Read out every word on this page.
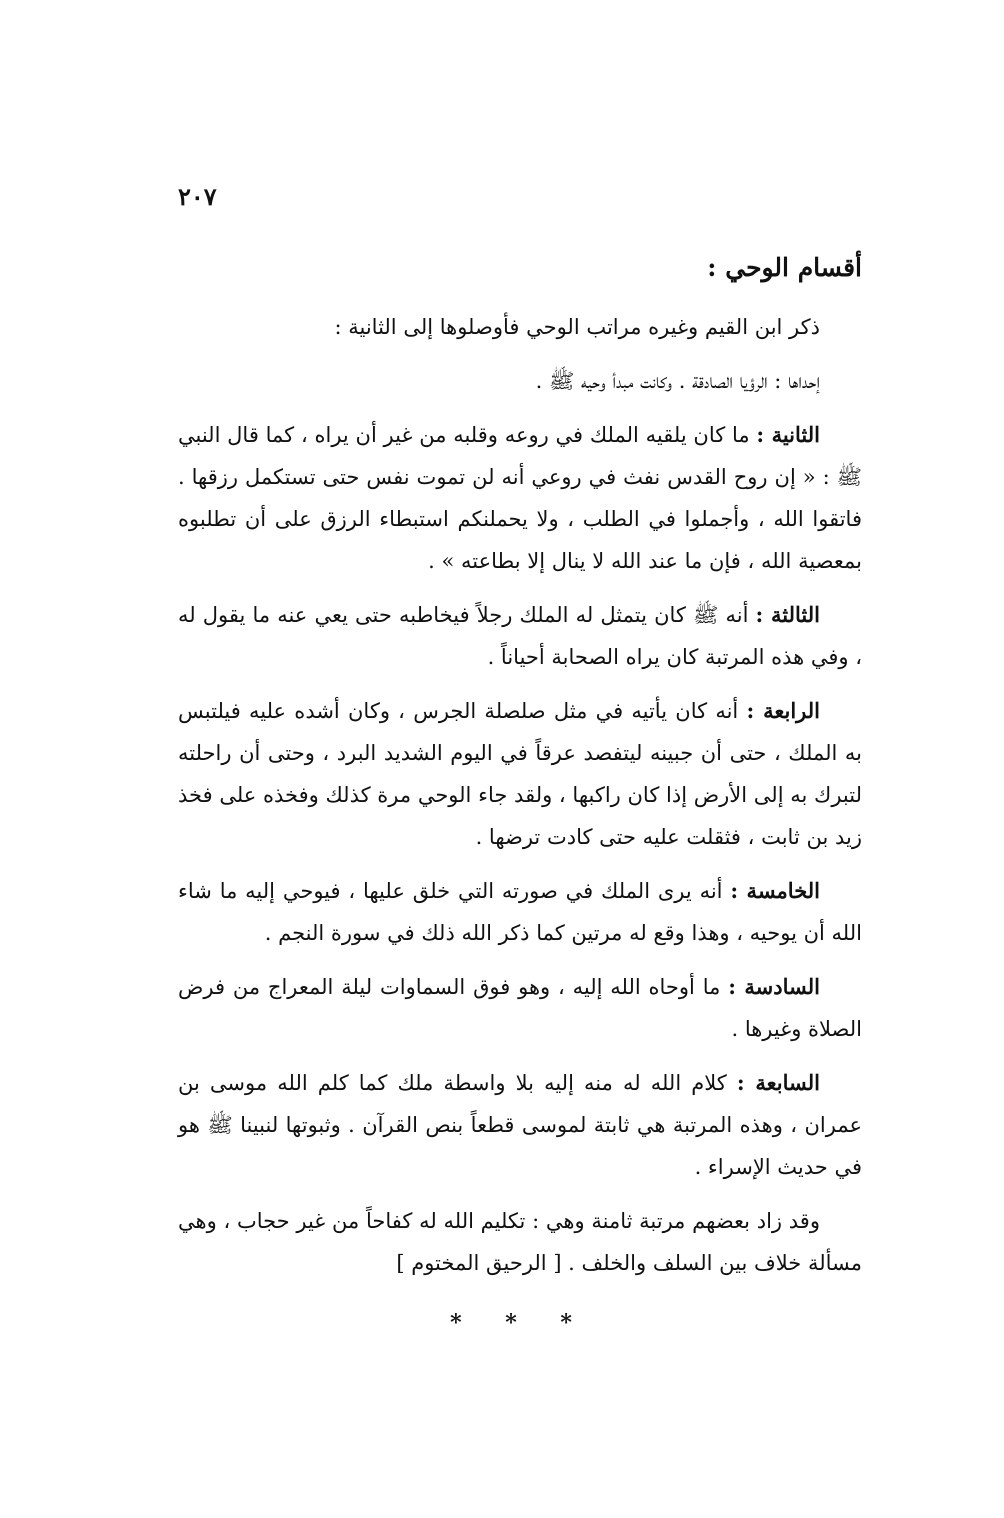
٢٠٧
أقسام الوحي :

ذكر ابن القيم وغيره مراتب الوحي فأوصلوها إلى الثانية :

إحداها : الرؤيا الصادقة . وكانت مبدأ وحيه ﷺ .

الثانية : ما كان يلقيه الملك في روعه وقلبه من غير أن يراه ، كما قال النبي ﷺ : « إن روح القدس نفث في روعي أنه لن تموت نفس حتى تستكمل رزقها . فاتقوا الله ، وأجملوا في الطلب ، ولا يحملنكم استبطاء الرزق على أن تطلبوه بمعصية الله ، فإن ما عند الله لا ينال إلا بطاعته » .

الثالثة : أنه ﷺ كان يتمثل له الملك رجلاً فيخاطبه حتى يعي عنه ما يقول له ، وفي هذه المرتبة كان يراه الصحابة أحياناً .

الرابعة : أنه كان يأتيه في مثل صلصلة الجرس ، وكان أشده عليه فيلتبس به الملك ، حتى أن جبينه ليتفصد عرقاً في اليوم الشديد البرد ، وحتى أن راحلته لتبرك به إلى الأرض إذا كان راكبها ، ولقد جاء الوحي مرة كذلك وفخذه على فخذ زيد بن ثابت ، فثقلت عليه حتى كادت ترضها .

الخامسة : أنه يرى الملك في صورته التي خلق عليها ، فيوحي إليه ما شاء الله أن يوحيه ، وهذا وقع له مرتين كما ذكر الله ذلك في سورة النجم .

السادسة : ما أوحاه الله إليه ، وهو فوق السماوات ليلة المعراج من فرض الصلاة وغيرها .

السابعة : كلام الله له منه إليه بلا واسطة ملك كما كلم الله موسى بن عمران ، وهذه المرتبة هي ثابتة لموسى قطعاً بنص القرآن . وثبوتها لنبينا ﷺ هو في حديث الإسراء .

وقد زاد بعضهم مرتبة ثامنة وهي : تكليم الله له كفاحاً من غير حجاب ، وهي مسألة خلاف بين السلف والخلف . [ الرحيق المختوم ]

* * *
